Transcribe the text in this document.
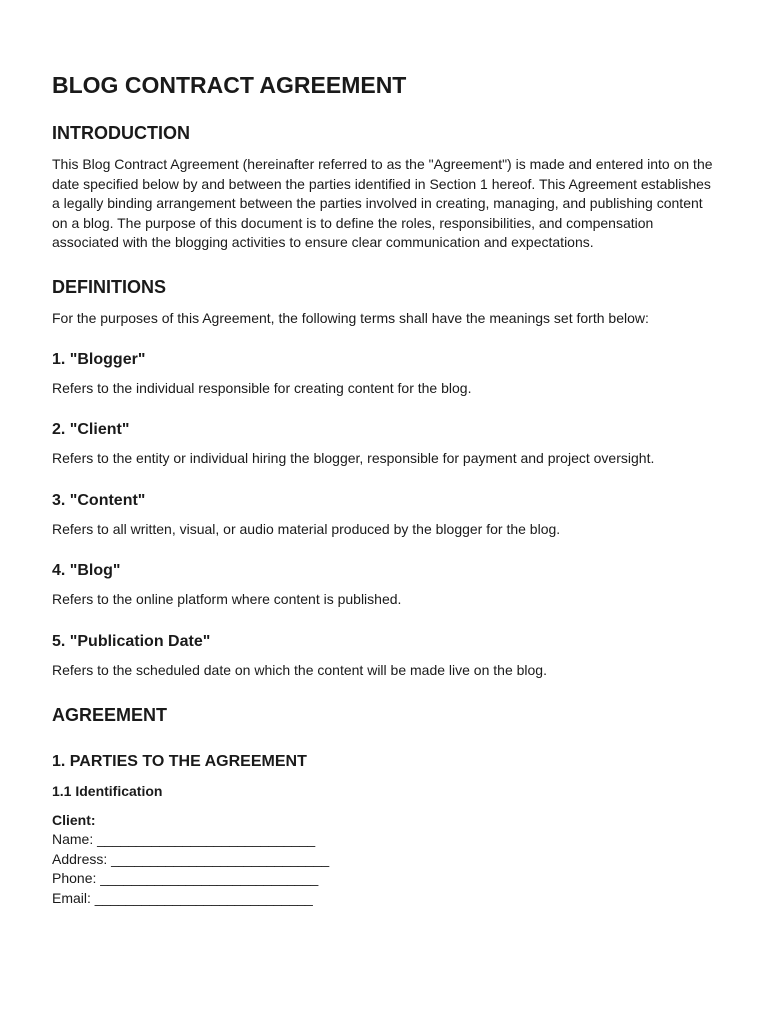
BLOG CONTRACT AGREEMENT
INTRODUCTION

This Blog Contract Agreement (hereinafter referred to as the "Agreement") is made and entered into on the date specified below by and between the parties identified in Section 1 hereof. This Agreement establishes a legally binding arrangement between the parties involved in creating, managing, and publishing content on a blog. The purpose of this document is to define the roles, responsibilities, and compensation associated with the blogging activities to ensure clear communication and expectations.

DEFINITIONS

For the purposes of this Agreement, the following terms shall have the meanings set forth below:

1. "Blogger"

Refers to the individual responsible for creating content for the blog.

2. "Client"

Refers to the entity or individual hiring the blogger, responsible for payment and project oversight.

3. "Content"

Refers to all written, visual, or audio material produced by the blogger for the blog.

4. "Blog"

Refers to the online platform where content is published.

5. "Publication Date"

Refers to the scheduled date on which the content will be made live on the blog.

AGREEMENT
1. PARTIES TO THE AGREEMENT
1.1 Identification

Client:

Name: ____________________________

Address: ____________________________

Phone: ____________________________

Email: ____________________________
